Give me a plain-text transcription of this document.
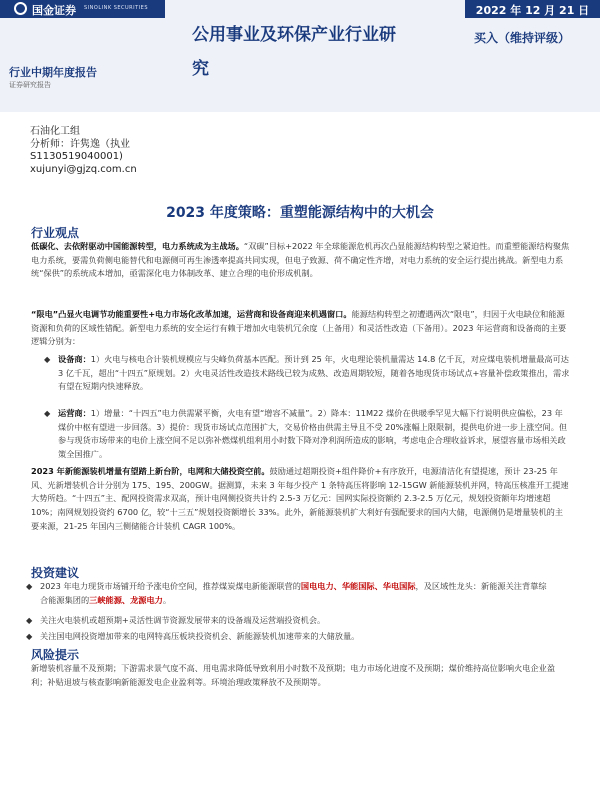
国金证券 SINOLINK SECURITIES	2022 年 12 月 21 日
公用事业及环保产业行业研
究
买入（维持评级）
行业中期年度报告
证券研究报告
石油化工组
分析师：许隽逸（执业
S1130519040001)
xujunyi@gjzq.com.cn
2023 年度策略：重塑能源结构中的大机会
行业观点
低碳化、去依附驱动中国能源转型，电力系统成为主战场。“双碳”目标+2022 年全球能源危机再次凸显能源结构转型之紧迫性。而重塑能源结构聚焦电力系统，要需负荷侧电能替代和电源侧可再生渗透率提高共同实现，但电子致源、荷不确定性齐增，对电力系统的安全运行提出挑战。新型电力系统“保供”的系统成本增加，亟需深化电力体制改革、建立合理的电价形成机制。
“限电”凸显火电调节功能重要性+电力市场化改革加速，运营商和设备商迎来机遇窗口。能源结构转型之初遭遇两次“限电”，归因于火电缺位和能源资源和负荷的区域性错配。新型电力系统的安全运行有赖于增加火电装机冗余度（上备用）和灵活性改造（下备用）。2023 年运营商和设备商的主要逻辑分别为：
◆ 设备商：1）火电与核电合计装机规模应与尖峰负荷基本匹配。预计到 25 年，火电理论装机量需达 14.8 亿千瓦，对应煤电装机增量最高可达 3 亿千瓦，超出“十四五”原规划。2）火电灵活性改造技术路线已较为成熟、改造周期较短，随着各地现货市场试点+容量补偿政策推出，需求有望在短期内快速释放。
◆ 运营商：1）增量：“十四五”电力供需紧平衡，火电有望“增容不减量”。2）降本：11M22 煤价在供暖季罕见大幅下行说明供应偏松，23 年煤价中枢有望进一步回落。3）提价：现货市场试点范围扩大，交易价格由供需主导且不受 20%涨幅上限限制，提供电价进一步上涨空间。但参与现货市场带来的电价上涨空间不足以弥补燃煤机组利用小时数下降对净利润所造成的影响，考虑电企合理收益诉求，展望容量市场相关政策全国推广。
2023 年新能源装机增量有望踏上新台阶，电网和大储投资空前。鼓励通过超期投资+组件降价+有序放开，电源清洁化有望提速，预计 23-25 年风、光新增装机合计分别为 175、195、200GW。据测算，未来 3 年每少投产 1 条特高压将影响 12-15GW 新能源装机并网，特高压核准开工提速大势所趋。“十四五”主、配网投资需求双高，预计电网侧投资共计约 2.5-3 万亿元：国网实际投资额约 2.3-2.5 万亿元，规划投资额年均增速超 10%；南网规划投资约 6700 亿，较“十三五”规划投资额增长 33%。此外，新能源装机扩大利好有强配要求的国内大储，电源侧仍是增量装机的主要来源，21-25 年国内三侧储能合计装机 CAGR 100%。
投资建议
◆ 2023 年电力现货市场铺开给予涨电价空间，推荐煤炭煤电新能源联营的国电电力、华能国际、华电国际，及区域性龙头：新能源关注背靠综合能源集团的三峡能源、龙源电力。
◆ 关注火电装机或超预期+灵活性调节资源发展带来的设备端及运营端投资机会。
◆ 关注国电网投资增加带来的电网特高压板块投资机会、新能源装机加速带来的大储放量。
风险提示
新增装机容量不及预期；下游需求景气度不高、用电需求降低导致利用小时数不及预期；电力市场化进度不及预期；煤价维持高位影响火电企业盈利；补贴退坡与核查影响新能源发电企业盈利等。环境治理政策释放不及预期等。
